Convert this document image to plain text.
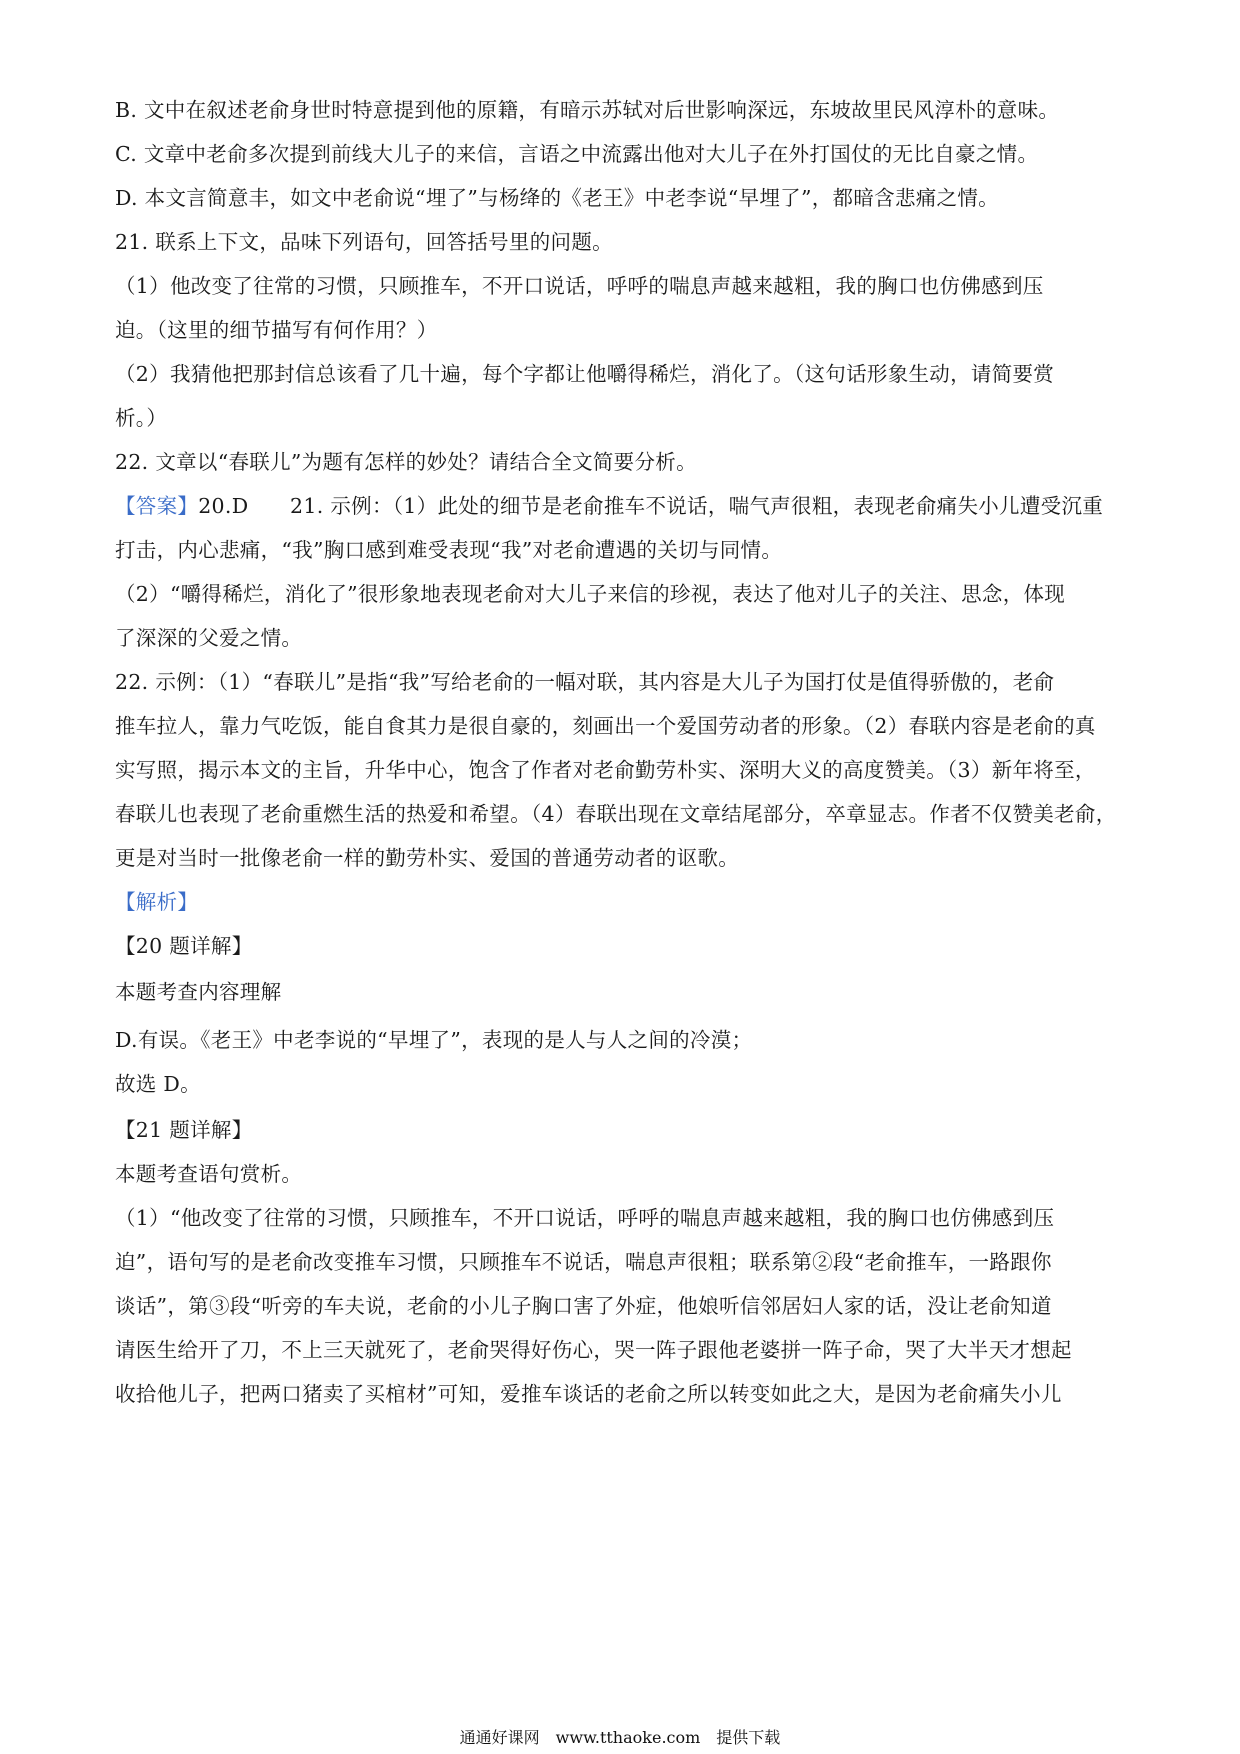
B. 文中在叙述老俞身世时特意提到他的原籍，有暗示苏轼对后世影响深远，东坡故里民风淳朴的意味。
C. 文章中老俞多次提到前线大儿子的来信，言语之中流露出他对大儿子在外打国仗的无比自豪之情。
D. 本文言简意丰，如文中老俞说“埋了”与杨绛的《老王》中老李说“早埋了”，都暗含悲痛之情。
21. 联系上下文，品味下列语句，回答括号里的问题。
（1）他改变了往常的习惯，只顾推车，不开口说话，呼呼的喘息声越来越粗，我的胸口也仿佛感到压
迫。（这里的细节描写有何作用？）
（2）我猜他把那封信总该看了几十遍，每个字都让他嚼得稀烂，消化了。（这句话形象生动，请简要赏
析。）
22. 文章以“春联儿”为题有怎样的妙处？请结合全文简要分析。
【答案】20.D　　21. 示例：（1）此处的细节是老俞推车不说话，喘气声很粗，表现老俞痛失小儿遭受沉重
打击，内心悲痛，“我”胸口感到难受表现“我”对老俞遭遇的关切与同情。
（2）“嚼得稀烂，消化了”很形象地表现老俞对大儿子来信的珍视，表达了他对儿子的关注、思念，体现
了深深的父爱之情。
22. 示例：（1）“春联儿”是指“我”写给老俞的一幅对联，其内容是大儿子为国打仗是值得骄傲的，老俞
推车拉人，靠力气吃饭，能自食其力是很自豪的，刻画出一个爱国劳动者的形象。（2）春联内容是老俞的真
实写照，揭示本文的主旨，升华中心，饱含了作者对老俞勤劳朴实、深明大义的高度赞美。（3）新年将至，
春联儿也表现了老俞重燃生活的热爱和希望。（4）春联出现在文章结尾部分，卒章显志。作者不仅赞美老俞，
更是对当时一批像老俞一样的勤劳朴实、爱国的普通劳动者的讴歌。
【解析】
【20 题详解】
本题考查内容理解
D.有误。《老王》中老李说的“早埋了”，表现的是人与人之间的冷漠；
故选 D。
【21 题详解】
本题考查语句赏析。
（1）“他改变了往常的习惯，只顾推车，不开口说话，呼呼的喘息声越来越粗，我的胸口也仿佛感到压
迫”，语句写的是老俞改变推车习惯，只顾推车不说话，喘息声很粗；联系第②段“老俞推车，一路跟你
谈话”，第③段“听旁的车夫说，老俞的小儿子胸口害了外症，他娘听信邻居妇人家的话，没让老俞知道
请医生给开了刀，不上三天就死了，老俞哭得好伤心，哭一阵子跟他老婆拼一阵子命，哭了大半天才想起
收拾他儿子，把两口猪卖了买棺材”可知，爱推车谈话的老俞之所以转变如此之大，是因为老俞痛失小儿
通通好课网　www.tthaoke.com　提供下载
